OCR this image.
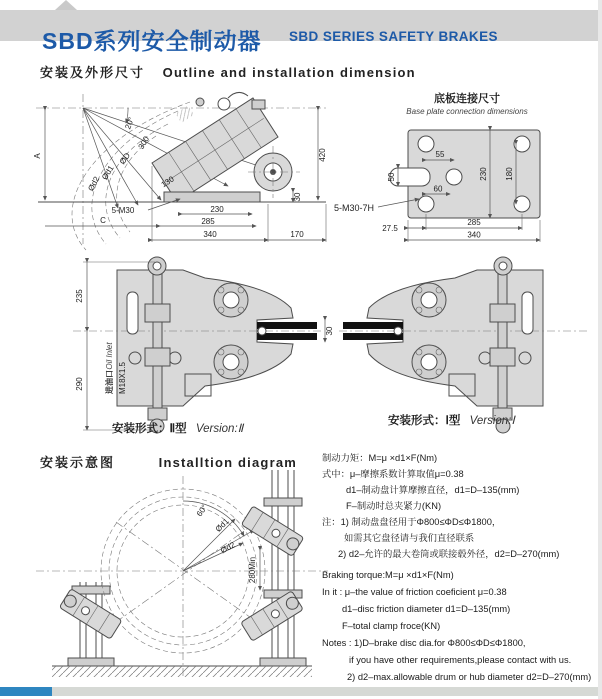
SBD系列安全制动器 SBD SERIES SAFETY BRAKES
安装及外形尺寸 Outline and installation dimension
20°
300
ØD
Ød1
Ød2	130
A	420
30
230
285
C
340	170
5-M30
底板连接尺寸
Base plate connection dimensions
55
50
60
230 180
5-M30-7H
27.5
285
340
235
290
30
进油口
Oil Inlet
M18X1.5
安装形式：Ⅱ型 Version:Ⅱ
安装形式：Ⅰ型 Version:Ⅰ
安装示意图	Installtion diagram
60°
Ød1
Ød2
280Min
制动力矩：M=μ ×d1×F(Nm)
式中：μ–摩擦系数计算取值μ=0.38
d1–制动盘计算摩擦直径，d1=D–135(mm)
F–制动时总夹紧力(KN)
注：1) 制动盘盘径用于Φ800≤ΦD≤Φ1800，
如需其它盘径请与我们直径联系
2) d2–允许的最大卷筒或联接毂外径，d2=D–270(mm)
Braking torque:M=μ ×d1×F(Nm)
In it : μ–the value of friction coeficient μ=0.38
d1–disc friction diameter d1=D–135(mm)
F–total clamp froce(KN)
Notes : 1)D–brake disc dia.for Φ800≤ΦD≤Φ1800,
if you have other requirements,please contact with us.
2) d2–max.allowable drum or hub diameter d2=D–270(mm)
